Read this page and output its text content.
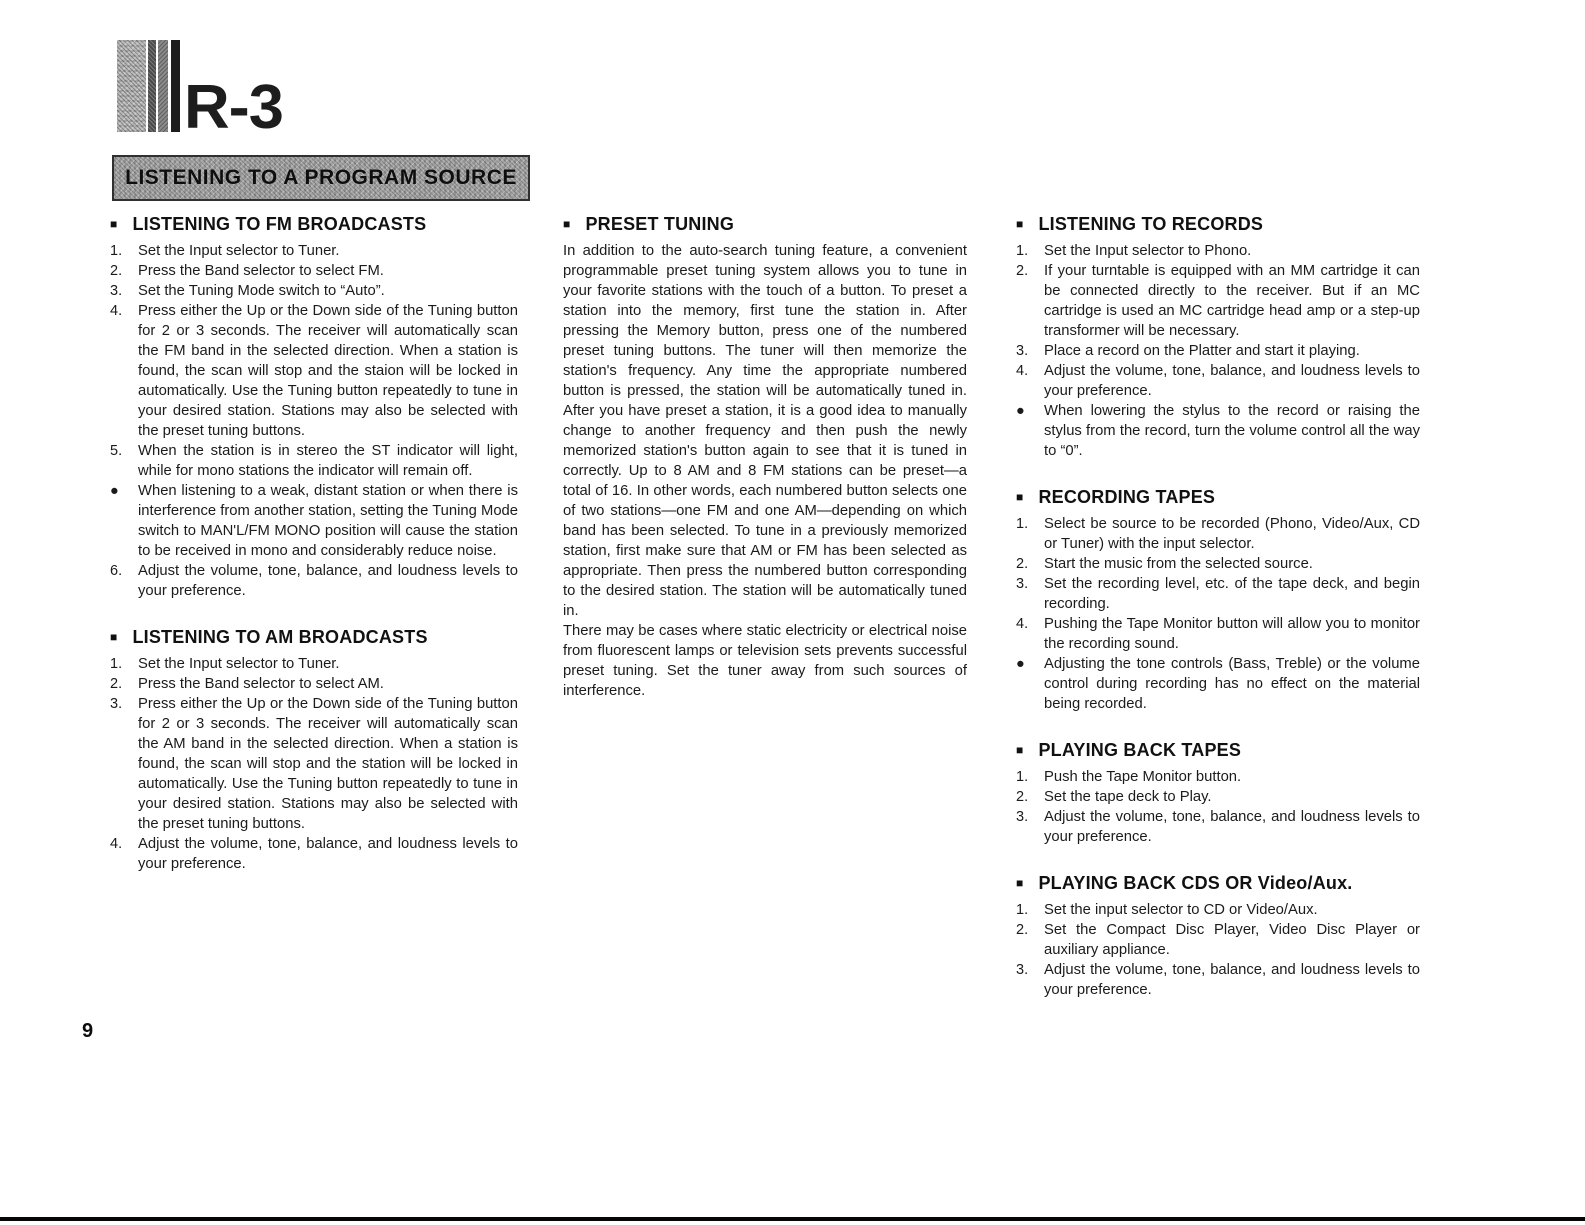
R-3
LISTENING TO A PROGRAM SOURCE
■ LISTENING TO FM BROADCASTS
1.	Set the Input selector to Tuner.
2.	Press the Band selector to select FM.
3.	Set the Tuning Mode switch to “Auto”.
4.	Press either the Up or the Down side of the Tuning button for 2 or 3 seconds. The receiver will automatically scan the FM band in the selected direction. When a station is found, the scan will stop and the staion will be locked in automatically. Use the Tuning button repeatedly to tune in your desired station. Stations may also be selected with the preset tuning buttons.
5.	When the station is in stereo the ST indicator will light, while for mono stations the indicator will remain off.
●	When listening to a weak, distant station or when there is interference from another station, setting the Tuning Mode switch to MAN'L/FM MONO position will cause the station to be received in mono and considerably reduce noise.
6.	Adjust the volume, tone, balance, and loudness levels to your preference.
■ LISTENING TO AM BROADCASTS
1.	Set the Input selector to Tuner.
2.	Press the Band selector to select AM.
3.	Press either the Up or the Down side of the Tuning button for 2 or 3 seconds. The receiver will automatically scan the AM band in the selected direction. When a station is found, the scan will stop and the station will be locked in automatically. Use the Tuning button repeatedly to tune in your desired station. Stations may also be selected with the preset tuning buttons.
4.	Adjust the volume, tone, balance, and loudness levels to your preference.
■ PRESET TUNING

In addition to the auto-search tuning feature, a convenient programmable preset tuning system allows you to tune in your favorite stations with the touch of a button. To preset a station into the memory, first tune the station in. After pressing the Memory button, press one of the numbered preset tuning buttons. The tuner will then memorize the station's frequency. Any time the appropriate numbered button is pressed, the station will be automatically tuned in. After you have preset a station, it is a good idea to manually change to another frequency and then push the newly memorized station's button again to see that it is tuned in correctly. Up to 8 AM and 8 FM stations can be preset—a total of 16. In other words, each numbered button selects one of two stations—one FM and one AM—depending on which band has been selected. To tune in a previously memorized station, first make sure that AM or FM has been selected as appropriate. Then press the numbered button corresponding to the desired station. The station will be automatically tuned in.

There may be cases where static electricity or electrical noise from fluorescent lamps or television sets prevents successful preset tuning. Set the tuner away from such sources of interference.

■ LISTENING TO RECORDS
1.	Set the Input selector to Phono.
2.	If your turntable is equipped with an MM cartridge it can be connected directly to the receiver. But if an MC cartridge is used an MC cartridge head amp or a step-up transformer will be necessary.
3.	Place a record on the Platter and start it playing.
4.	Adjust the volume, tone, balance, and loudness levels to your preference.
●	When lowering the stylus to the record or raising the stylus from the record, turn the volume control all the way to “0”.
■ RECORDING TAPES
1.	Select be source to be recorded (Phono, Video/Aux, CD or Tuner) with the input selector.
2.	Start the music from the selected source.
3.	Set the recording level, etc. of the tape deck, and begin recording.
4.	Pushing the Tape Monitor button will allow you to monitor the recording sound.
●	Adjusting the tone controls (Bass, Treble) or the volume control during recording has no effect on the material being recorded.
■ PLAYING BACK TAPES
1.	Push the Tape Monitor button.
2.	Set the tape deck to Play.
3.	Adjust the volume, tone, balance, and loudness levels to your preference.
■ PLAYING BACK CDS OR Video/Aux.
1.	Set the input selector to CD or Video/Aux.
2.	Set the Compact Disc Player, Video Disc Player or auxiliary appliance.
3.	Adjust the volume, tone, balance, and loudness levels to your preference.
9
